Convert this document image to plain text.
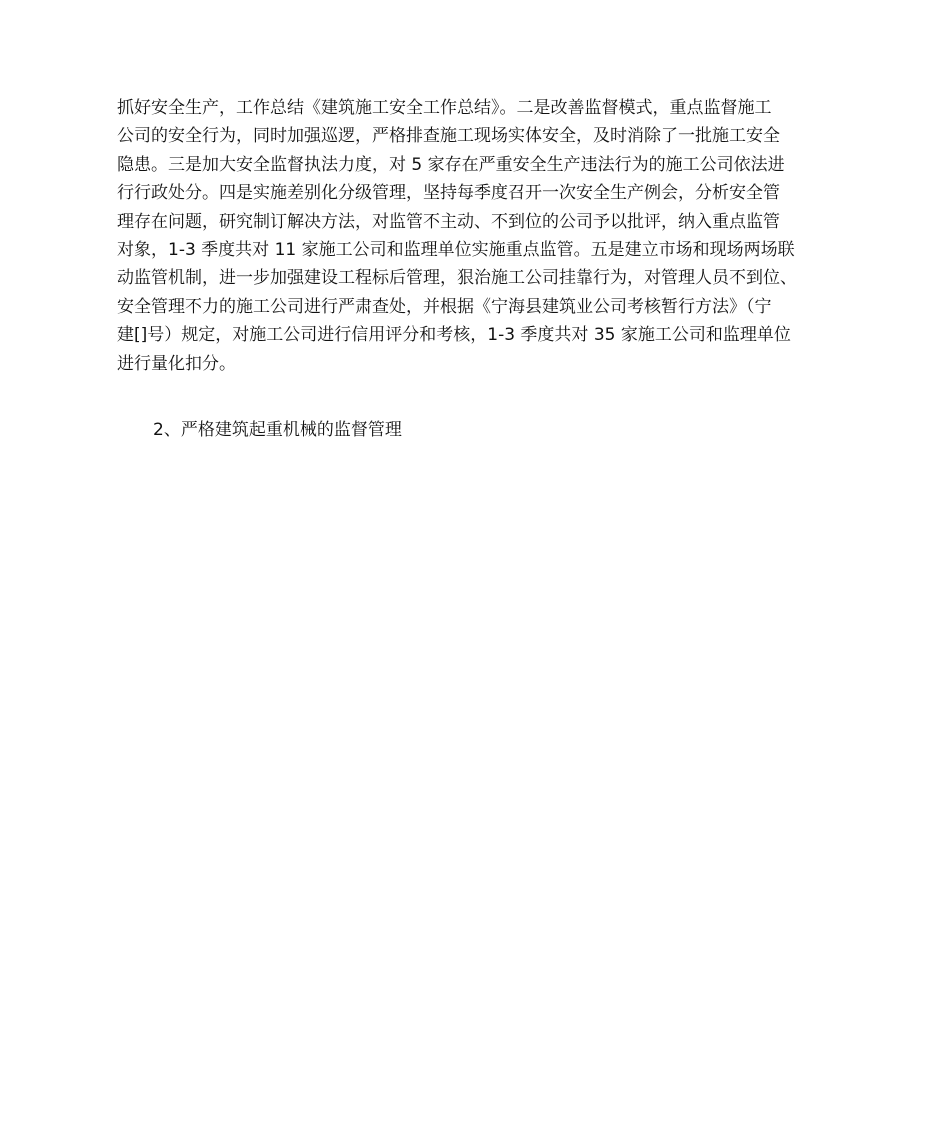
抓好安全生产，工作总结《建筑施工安全工作总结》。二是改善监督模式，重点监督施工
公司的安全行为，同时加强巡逻，严格排查施工现场实体安全，及时消除了一批施工安全
隐患。三是加大安全监督执法力度，对 5 家存在严重安全生产违法行为的施工公司依法进
行行政处分。四是实施差别化分级管理，坚持每季度召开一次安全生产例会，分析安全管
理存在问题，研究制订解决方法，对监管不主动、不到位的公司予以批评，纳入重点监管
对象，1-3 季度共对 11 家施工公司和监理单位实施重点监管。五是建立市场和现场两场联
动监管机制，进一步加强建设工程标后管理，狠治施工公司挂靠行为，对管理人员不到位、
安全管理不力的施工公司进行严肃查处，并根据《宁海县建筑业公司考核暂行方法》（宁
建[]号）规定，对施工公司进行信用评分和考核，1-3 季度共对 35 家施工公司和监理单位
进行量化扣分。

2、严格建筑起重机械的监督管理
